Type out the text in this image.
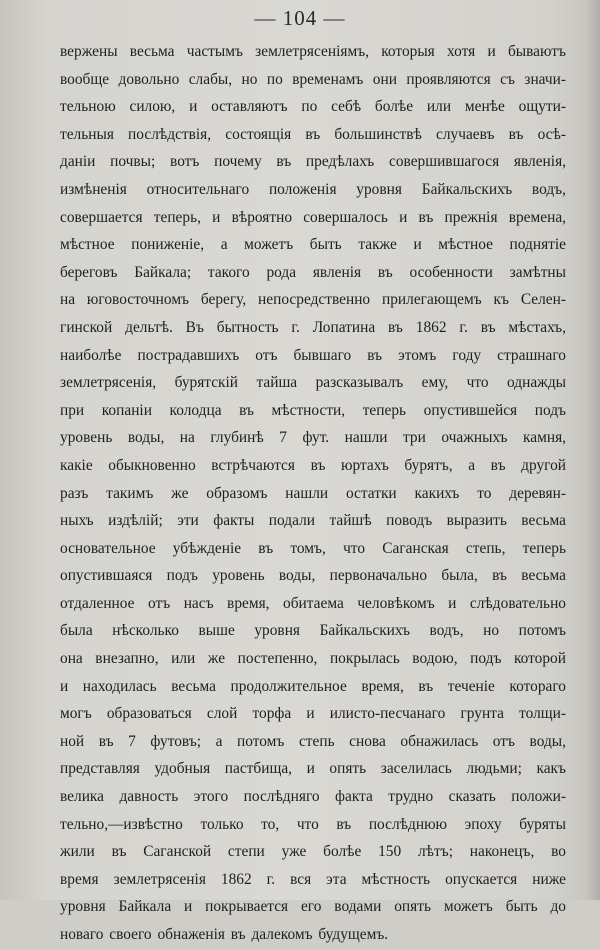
— 104 —
вержены весьма частымъ землетрясеніямъ, которыя хотя и бываютъ
вообще довольно слабы, но по временамъ они проявляются съ значи-
тельною силою, и оставляютъ по себѣ болѣе или менѣе ощути-
тельныя послѣдствія, состоящія въ большинствѣ случаевъ въ осѣ-
даніи почвы; вотъ почему въ предѣлахъ совершившагося явленія,
измѣненія относительнаго положенія уровня Байкальскихъ водъ,
совершается теперь, и вѣроятно совершалось и въ прежнія времена,
мѣстное пониженіе, а можетъ быть также и мѣстное поднятіе
береговъ Байкала; такого рода явленія въ особенности замѣтны
на юговосточномъ берегу, непосредственно прилегающемъ къ Селен-
гинской дельтѣ. Въ бытность г. Лопатина въ 1862 г. въ мѣстахъ,
наиболѣе пострадавшихъ отъ бывшаго въ этомъ году страшнаго
землетрясенія, бурятскій тайша разсказывалъ ему, что однажды
при копаніи колодца въ мѣстности, теперь опустившейся подъ
уровень воды, на глубинѣ 7 фут. нашли три очажныхъ камня,
какіе обыкновенно встрѣчаются въ юртахъ бурятъ, а въ другой
разъ такимъ же образомъ нашли остатки какихъ то деревян-
ныхъ издѣлій; эти факты подали тайшѣ поводъ выразить весьма
основательное убѣжденіе въ томъ, что Саганская степь, теперь
опустившаяся подъ уровень воды, первоначально была, въ весьма
отдаленное отъ насъ время, обитаема человѣкомъ и слѣдовательно
была нѣсколько выше уровня Байкальскихъ водъ, но потомъ
она внезапно, или же постепенно, покрылась водою, подъ которой
и находилась весьма продолжительное время, въ теченіе котораго
могъ образоваться слой торфа и илисто-песчанаго грунта толщи-
ной въ 7 футовъ; а потомъ степь снова обнажилась отъ воды,
представляя удобныя пастбища, и опять заселилась людьми; какъ
велика давность этого послѣдняго факта трудно сказать положи-
тельно,—извѣстно только то, что въ послѣднюю эпоху буряты
жили въ Саганской степи уже болѣе 150 лѣтъ; наконецъ, во
время землетрясенія 1862 г. вся эта мѣстность опускается ниже
уровня Байкала и покрывается его водами опять можетъ быть до
новаго своего обнаженія въ далекомъ будущемъ.
